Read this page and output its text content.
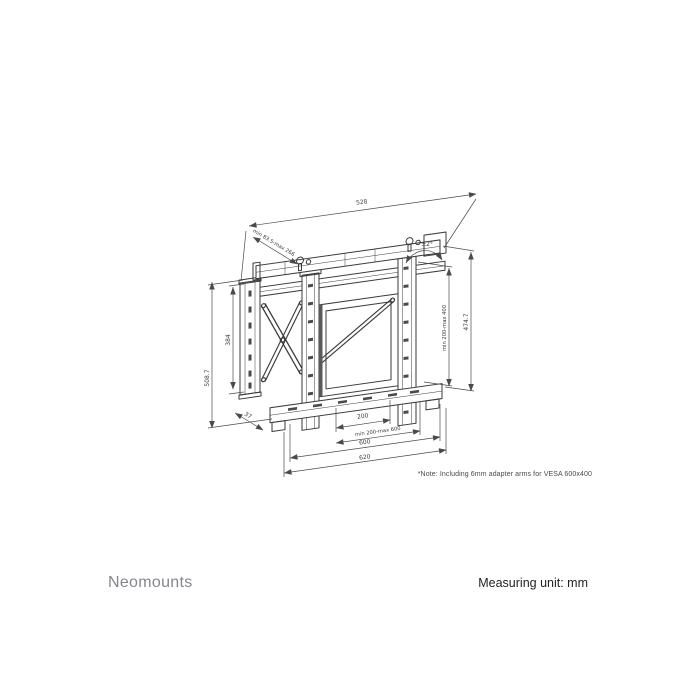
528
min 83.5-max 266	±2°
384
508.7
37
min 200-max 400	474.7
200
min 200-max 600
600
620
*Note: Including 6mm adapter arms for VESA 600x400
Neomounts	Measuring unit: mm
